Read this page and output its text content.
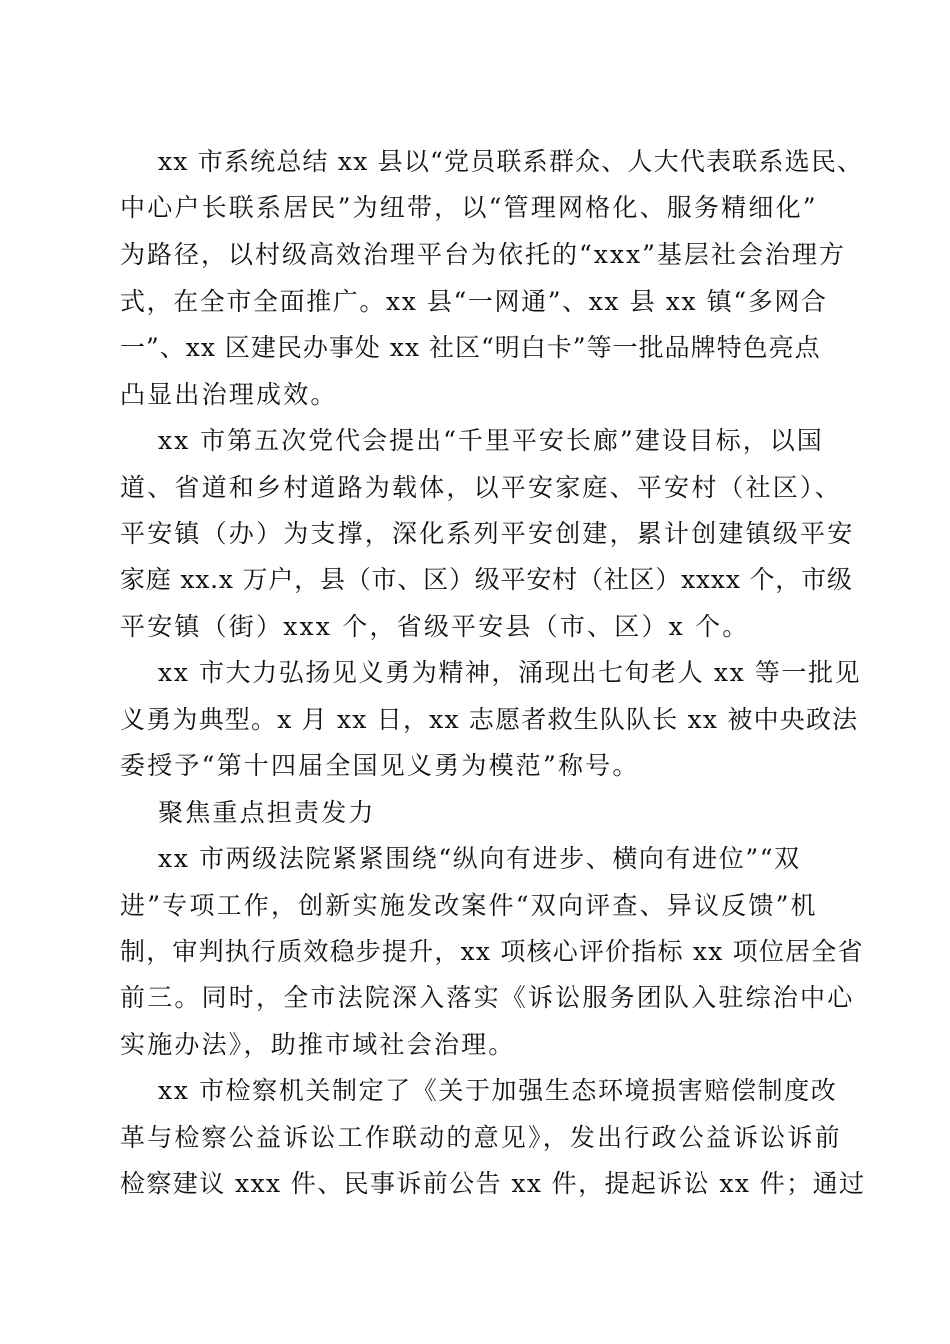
xx 市系统总结 xx 县以“党员联系群众、人大代表联系选民、
中心户长联系居民”为纽带，以“管理网格化、服务精细化”
为路径，以村级高效治理平台为依托的“xxx”基层社会治理方
式，在全市全面推广。xx 县“一网通”、xx 县 xx 镇“多网合
一”、xx 区建民办事处 xx 社区“明白卡”等一批品牌特色亮点
凸显出治理成效。
xx 市第五次党代会提出“千里平安长廊”建设目标，以国
道、省道和乡村道路为载体，以平安家庭、平安村（社区）、
平安镇（办）为支撑，深化系列平安创建，累计创建镇级平安
家庭 xx.x 万户，县（市、区）级平安村（社区）xxxx 个，市级
平安镇（街）xxx 个，省级平安县（市、区）x 个。
xx 市大力弘扬见义勇为精神，涌现出七旬老人 xx 等一批见
义勇为典型。x 月 xx 日，xx 志愿者救生队队长 xx 被中央政法
委授予“第十四届全国见义勇为模范”称号。
聚焦重点担责发力
xx 市两级法院紧紧围绕“纵向有进步、横向有进位”“双
进”专项工作，创新实施发改案件“双向评查、异议反馈”机
制，审判执行质效稳步提升，xx 项核心评价指标 xx 项位居全省
前三。同时，全市法院深入落实《诉讼服务团队入驻综治中心
实施办法》，助推市域社会治理。
xx 市检察机关制定了《关于加强生态环境损害赔偿制度改
革与检察公益诉讼工作联动的意见》，发出行政公益诉讼诉前
检察建议 xxx 件、民事诉前公告 xx 件，提起诉讼 xx 件；通过
